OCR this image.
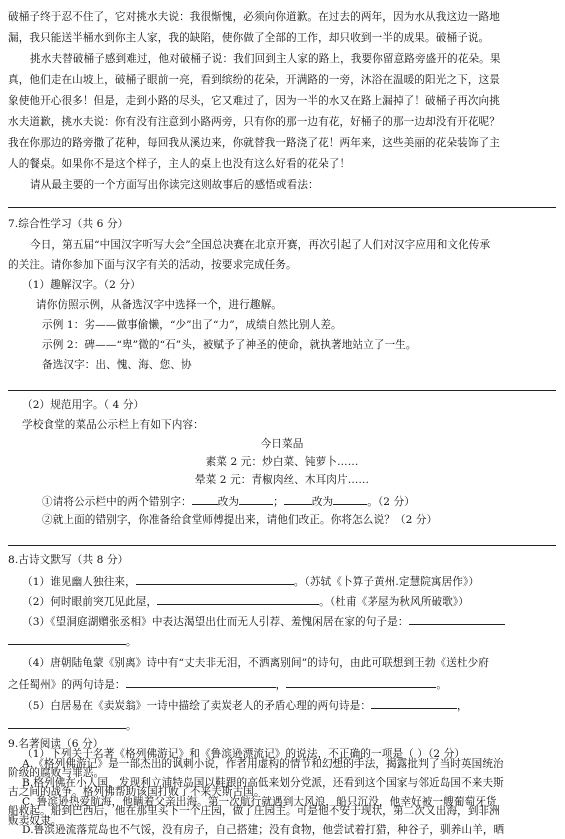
破桶子终于忍不住了，它对挑水夫说：我很惭愧，必须向你道歉。在过去的两年，因为水从我这边一路地
漏，我只能送半桶水到你主人家，我的缺陷，使你做了全部的工作，却只收到一半的成果。破桶子说。
挑水夫替破桶子感到难过，他对破桶子说：我们回到主人家的路上，我要你留意路旁盛开的花朵。果
真，他们走在山坡上，破桶子眼前一亮，看到缤纷的花朵，开满路的一旁，沐浴在温暖的阳光之下，这景
象使他开心很多！但是，走到小路的尽头，它又难过了，因为一半的水又在路上漏掉了！破桶子再次向挑
水夫道歉，挑水夫说：你有没有注意到小路两旁，只有你的那一边有花，好桶子的那一边却没有开花呢？
我在你那边的路旁撒了花种，每回我从溪边来，你就替我一路浇了花！两年来，这些美丽的花朵装饰了主
人的餐桌。如果你不是这个样子，主人的桌上也没有这么好看的花朵了！
请从最主要的一个方面写出你读完这则故事后的感悟或看法：
7.综合性学习（共 6 分）
今日，第五届“中国汉字听写大会”全国总决赛在北京开赛，再次引起了人们对汉字应用和文化传承
的关注。请你参加下面与汉字有关的活动，按要求完成任务。
（1）趣解汉字。（2 分）
请你仿照示例，从备选汉字中选择一个，进行趣解。
示例 1：劣——做事偷懒，“少”出了“力”，成绩自然比别人差。
示例 2：碑——“卑”微的“石”头，被赋予了神圣的使命，就执著地站立了一生。
备选汉字：出、愧、海、您、协
（2）规范用字。（ 4 分）
学校食堂的菜品公示栏上有如下内容：
今日菜品
素菜 2 元：炒白菜、钝萝卜……
晕菜 2 元：青椒肉丝、木耳肉片……
①请将公示栏中的两个错别字： 改为	；	改为	。（2 分）
②就上面的错别字，你准备给食堂师傅提出来，请他们改正。你将怎么说？（2 分）
8.古诗文默写（共 8 分）
（1）谁见幽人独往来，	。（苏轼《卜算子黄州.定慧院寓居作》）
（2）何时眼前突兀见此屋，	。（杜甫《茅屋为秋风所破歌》）
（3）《望洞庭湖赠张丞相》中表达渴望出仕而无人引荐、羞愧闲居在家的句子是：
。
（4）唐朝陆龟蒙《别离》诗中有“丈夫非无泪，不洒离别间”的诗句，由此可联想到王勃《送杜少府
之任蜀州》的两句诗是：	，	。
（5）白居易在《卖炭翁》一诗中描绘了卖炭老人的矛盾心理的两句诗是：	，
。
9.名著阅读（6 分）
（1）下列关于名著《格列佛游记》和《鲁滨逊漂流记》的说法，不正确的一项是（ ）（2 分）
A.《格列佛游记》是一部杰出的讽刺小说，作者用虚构的情节和幻想的手法，揭露批判了当时英国统治
阶级的腐败与罪恶。
B.格列佛在小人国，发现利立浦特岛国以鞋跟的高低来划分党派，还看到这个国家与邻近岛国不来夫斯
古之间的战争。格列佛帮助该国打败了不来夫斯古国。
C. 鲁滨逊热爱航海，他瞒着父亲出海。第一次航行就遇到大风浪，船只沉没，他幸好被一艘葡萄牙货
船救起。船到巴西后，他在那里买下一个庄园，做了庄园主。可是他不安于现状，第二次又出海，到非洲
贩卖奴隶。
D.鲁滨逊流落荒岛也不气馁，没有房子，自己搭建；没有食物，他尝试着打猎，种谷子，驯养山羊，晒
